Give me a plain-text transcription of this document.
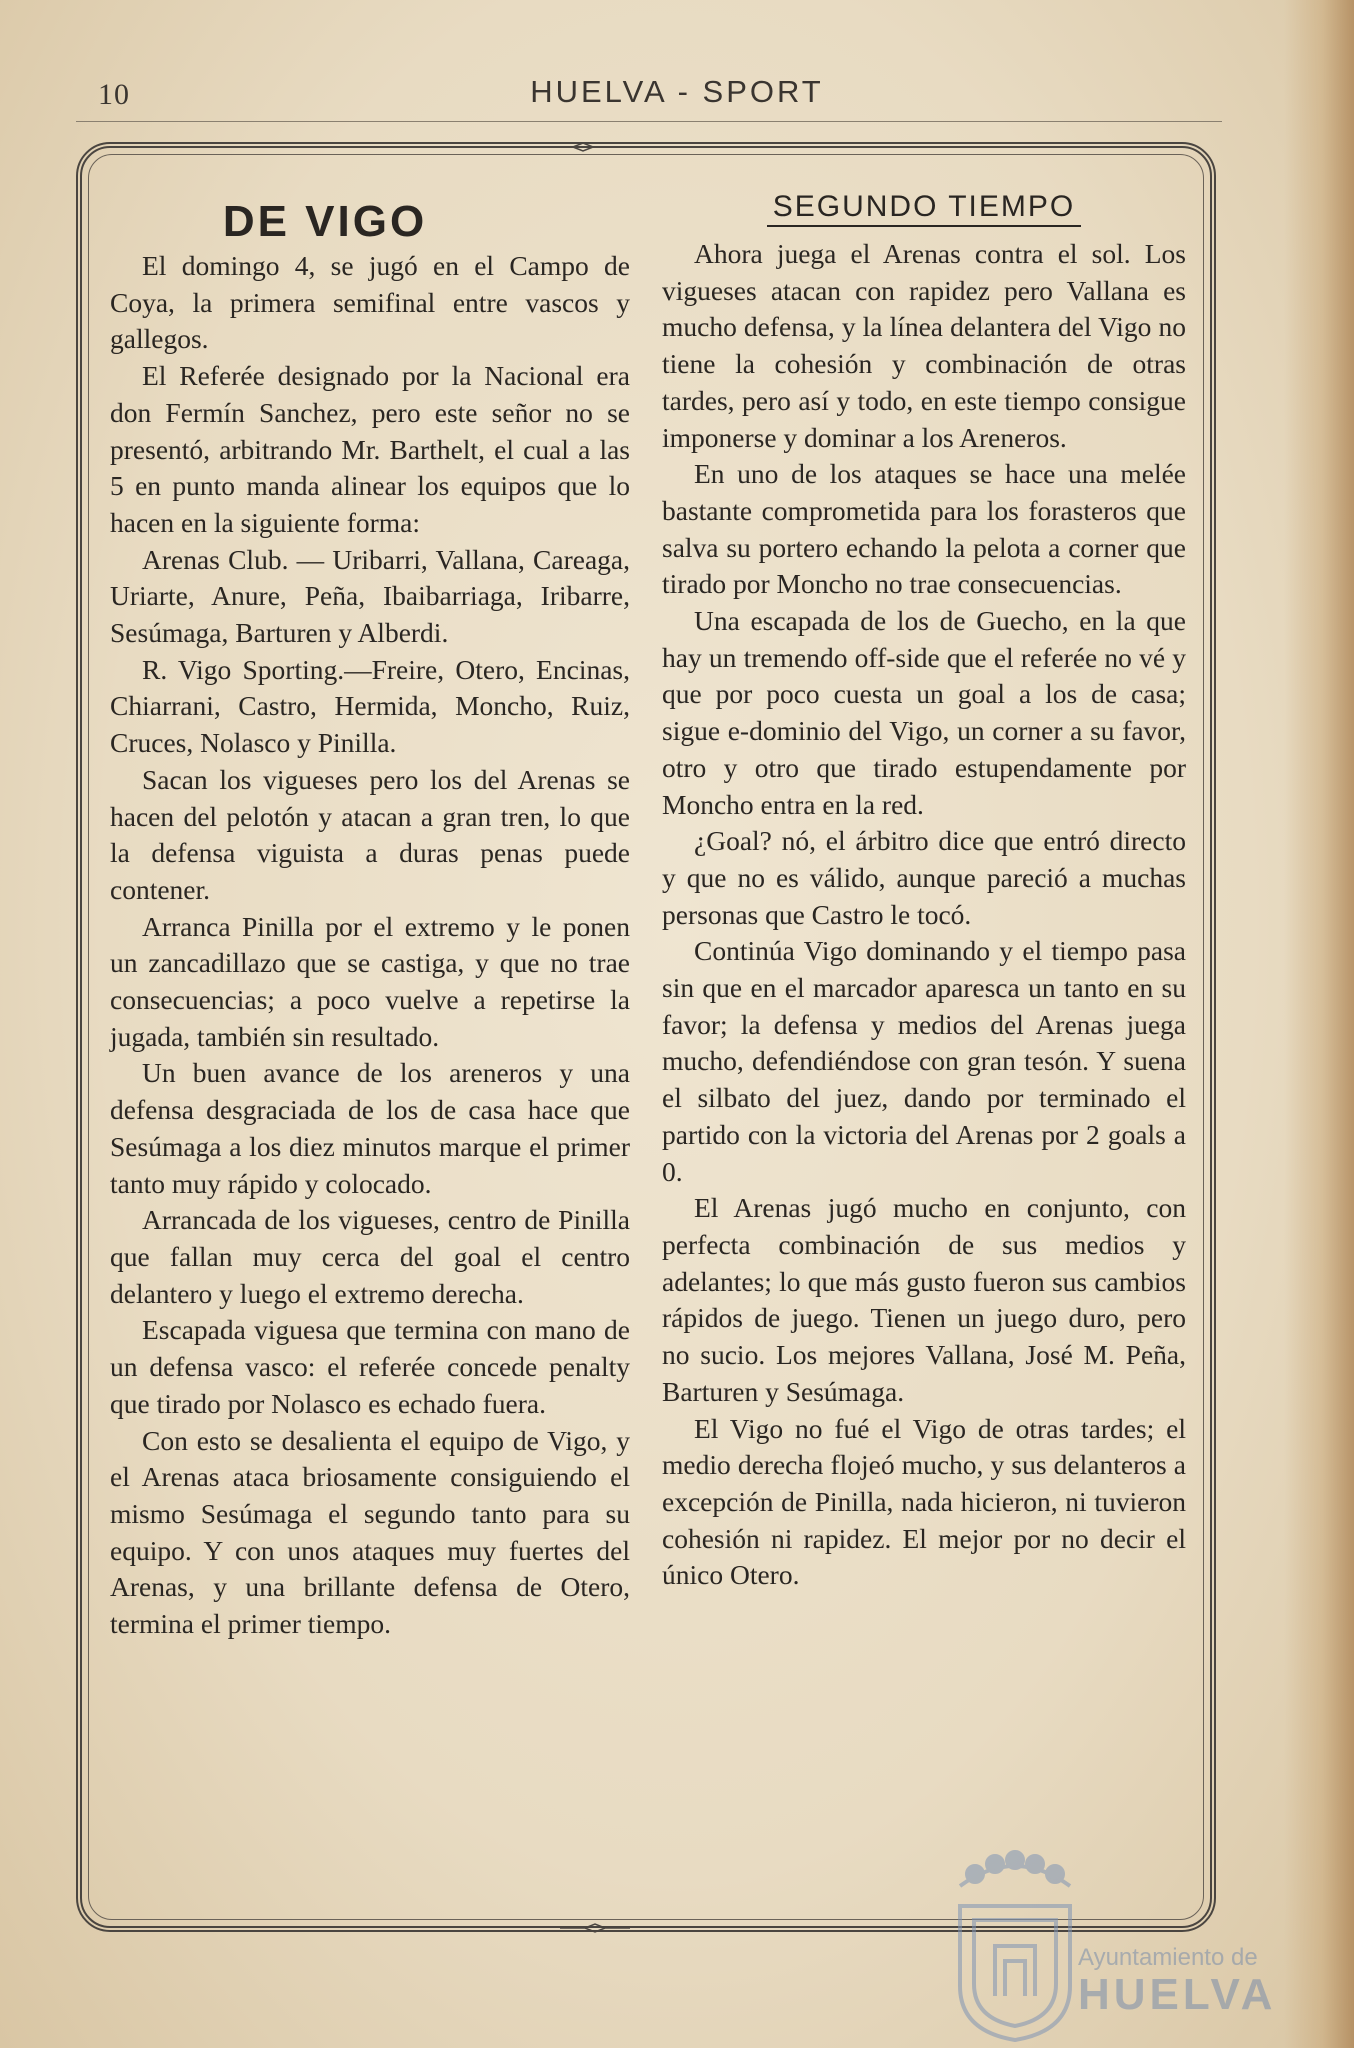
10	HUELVA - SPORT
DE VIGO

El domingo 4, se jugó en el Campo de Coya, la primera semifinal entre vascos y gallegos.

El Referée designado por la Nacional era don Fermín Sanchez, pero este señor no se presentó, arbitrando Mr. Barthelt, el cual a las 5 en punto manda alinear los equipos que lo hacen en la siguiente forma:

Arenas Club. — Uribarri, Vallana, Careaga, Uriarte, Anure, Peña, Ibaibarriaga, Iribarre, Sesúmaga, Barturen y Alberdi.

R. Vigo Sporting.—Freire, Otero, Encinas, Chiarrani, Castro, Hermida, Moncho, Ruiz, Cruces, Nolasco y Pinilla.

Sacan los vigueses pero los del Arenas se hacen del pelotón y atacan a gran tren, lo que la defensa viguista a duras penas puede contener.

Arranca Pinilla por el extremo y le ponen un zancadillazo que se castiga, y que no trae consecuencias; a poco vuelve a repetirse la jugada, también sin resultado.

Un buen avance de los areneros y una defensa desgraciada de los de casa hace que Sesúmaga a los diez minutos marque el primer tanto muy rápido y colocado.

Arrancada de los vigueses, centro de Pinilla que fallan muy cerca del goal el centro delantero y luego el extremo derecha.

Escapada viguesa que termina con mano de un defensa vasco: el referée concede penalty que tirado por Nolasco es echado fuera.

Con esto se desalienta el equipo de Vigo, y el Arenas ataca briosamente consiguiendo el mismo Sesúmaga el segundo tanto para su equipo. Y con unos ataques muy fuertes del Arenas, y una brillante defensa de Otero, termina el primer tiempo.

SEGUNDO TIEMPO

Ahora juega el Arenas contra el sol. Los vigueses atacan con rapidez pero Vallana es mucho defensa, y la línea delantera del Vigo no tiene la cohesión y combinación de otras tardes, pero así y todo, en este tiempo consigue imponerse y dominar a los Areneros.

En uno de los ataques se hace una melée bastante comprometida para los forasteros que salva su portero echando la pelota a corner que tirado por Moncho no trae consecuencias.

Una escapada de los de Guecho, en la que hay un tremendo off-side que el referée no vé y que por poco cuesta un goal a los de casa; sigue e-dominio del Vigo, un corner a su favor, otro y otro que tirado estupendamente por Moncho entra en la red.

¿Goal? nó, el árbitro dice que entró directo y que no es válido, aunque pareció a muchas personas que Castro le tocó.

Continúa Vigo dominando y el tiempo pasa sin que en el marcador aparesca un tanto en su favor; la defensa y medios del Arenas juega mucho, defendiéndose con gran tesón. Y suena el silbato del juez, dando por terminado el partido con la victoria del Arenas por 2 goals a 0.

El Arenas jugó mucho en conjunto, con perfecta combinación de sus medios y adelantes; lo que más gusto fueron sus cambios rápidos de juego. Tienen un juego duro, pero no sucio. Los mejores Vallana, José M. Peña, Barturen y Sesúmaga.

El Vigo no fué el Vigo de otras tardes; el medio derecha flojeó mucho, y sus delanteros a excepción de Pinilla, nada hicieron, ni tuvieron cohesión ni rapidez. El mejor por no decir el único Otero.

Ayuntamiento de
HUELVA
